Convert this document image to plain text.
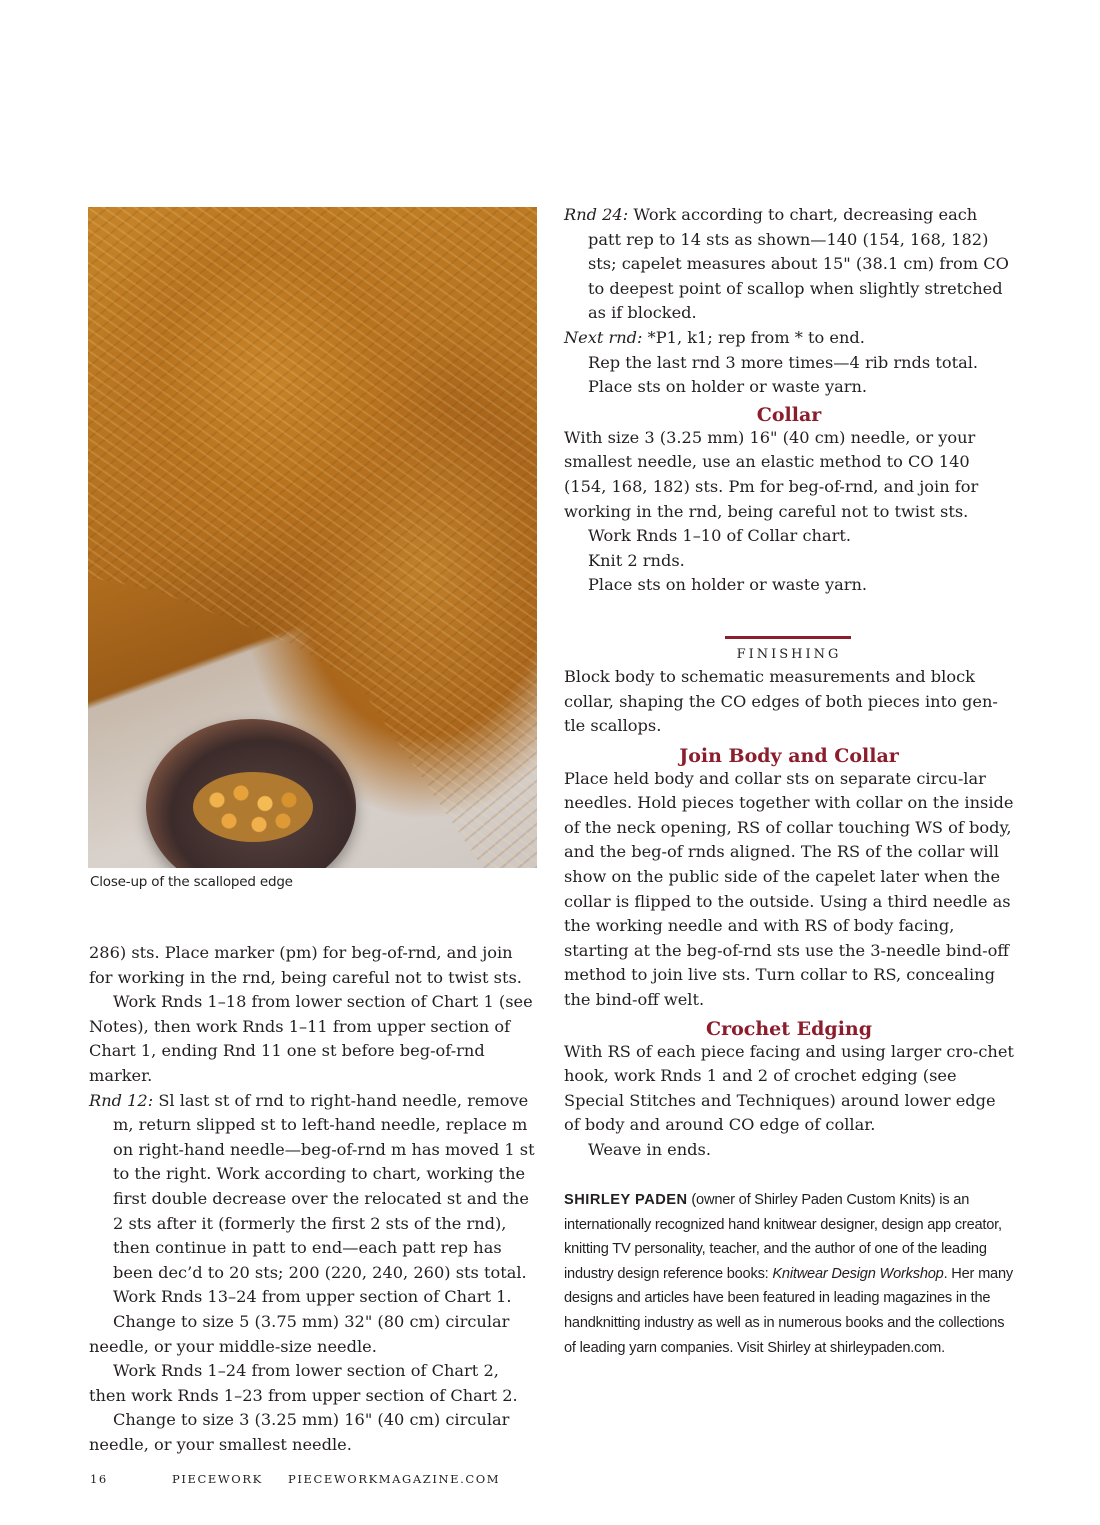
Close-up of the scalloped edge

286) sts. Place marker (pm) for beg-of-rnd, and join for working in the rnd, being careful not to twist sts.

Work Rnds 1–18 from lower section of Chart 1 (see Notes), then work Rnds 1–11 from upper section of Chart 1, ending Rnd 11 one st before beg-of-rnd marker.

Rnd 12: Sl last st of rnd to right-hand needle, remove m, return slipped st to left-hand needle, replace m on right-hand needle—beg-of-rnd m has moved 1 st to the right. Work according to chart, working the first double decrease over the relocated st and the 2 sts after it (formerly the first 2 sts of the rnd), then continue in patt to end—each patt rep has been dec’d to 20 sts; 200 (220, 240, 260) sts total.

Work Rnds 13–24 from upper section of Chart 1.

Change to size 5 (3.75 mm) 32" (80 cm) circular needle, or your middle-size needle.

Work Rnds 1–24 from lower section of Chart 2, then work Rnds 1–23 from upper section of Chart 2.

Change to size 3 (3.25 mm) 16" (40 cm) circular needle, or your smallest needle.

Rnd 24: Work according to chart, decreasing each patt rep to 14 sts as shown—140 (154, 168, 182) sts; capelet measures about 15" (38.1 cm) from CO to deepest point of scallop when slightly stretched as if blocked.

Next rnd: *P1, k1; rep from * to end.

Rep the last rnd 3 more times—4 rib rnds total.

Place sts on holder or waste yarn.

Collar

With size 3 (3.25 mm) 16" (40 cm) needle, or your smallest needle, use an elastic method to CO 140 (154, 168, 182) sts. Pm for beg-of-rnd, and join for working in the rnd, being careful not to twist sts.

Work Rnds 1–10 of Collar chart.

Knit 2 rnds.

Place sts on holder or waste yarn.

FINISHING

Block body to schematic measurements and block collar, shaping the CO edges of both pieces into gen-tle scallops.

Join Body and Collar

Place held body and collar sts on separate circu-lar needles. Hold pieces together with collar on the inside of the neck opening, RS of collar touching WS of body, and the beg-of rnds aligned. The RS of the collar will show on the public side of the capelet later when the collar is flipped to the outside. Using a third needle as the working needle and with RS of body facing, starting at the beg-of-rnd sts use the 3-needle bind-off method to join live sts. Turn collar to RS, concealing the bind-off welt.

Crochet Edging

With RS of each piece facing and using larger cro-chet hook, work Rnds 1 and 2 of crochet edging (see Special Stitches and Techniques) around lower edge of body and around CO edge of collar.

Weave in ends.

SHIRLEY PADEN (owner of Shirley Paden Custom Knits) is an internationally recognized hand knitwear designer, design app creator, knitting TV personality, teacher, and the author of one of the leading industry design reference books: Knitwear Design Workshop. Her many designs and articles have been featured in leading magazines in the handknitting industry as well as in numerous books and the collections of leading yarn companies. Visit Shirley at shirleypaden.com.
16	PIECEWORK PIECEWORKMAGAZINE.COM
